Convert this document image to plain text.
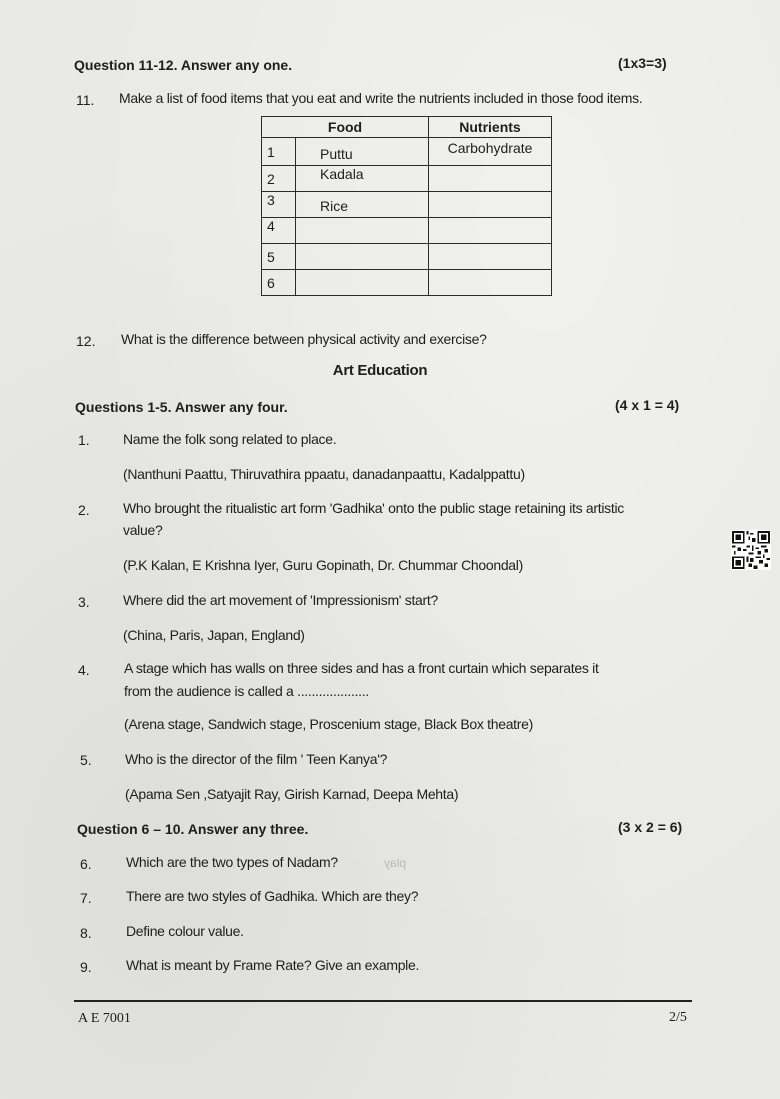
Question 11-12. Answer any one.	(1x3=3)
11. Make a list of food items that you eat and write the nutrients included in those food items.
Food		Nutrients
1	Puttu	Carbohydrate
2	Kadala	
3	Rice	
4		
5		
6		
12. What is the difference between physical activity and exercise?
Art Education
Questions 1-5. Answer any four.	(4 x 1 = 4)
1. Name the folk song related to place.
(Nanthuni Paattu, Thiruvathira ppaatu, danadanpaattu, Kadalppattu)
2. Who brought the ritualistic art form 'Gadhika' onto the public stage retaining its artistic
value?
(P.K Kalan, E Krishna Iyer, Guru Gopinath, Dr. Chummar Choondal)
3. Where did the art movement of 'Impressionism' start?
(China, Paris, Japan, England)
4. A stage which has walls on three sides and has a front curtain which separates it
from the audience is called a ....................
(Arena stage, Sandwich stage, Proscenium stage, Black Box theatre)
5. Who is the director of the film ' Teen Kanya'?
(Apama Sen ,Satyajit Ray, Girish Karnad, Deepa Mehta)
Question 6 – 10. Answer any three.	(3 x 2 = 6)
6. Which are the two types of Nadam?	play
7. There are two styles of Gadhika. Which are they?
8. Define colour value.
9. What is meant by Frame Rate? Give an example.
A E 7001	2/5
